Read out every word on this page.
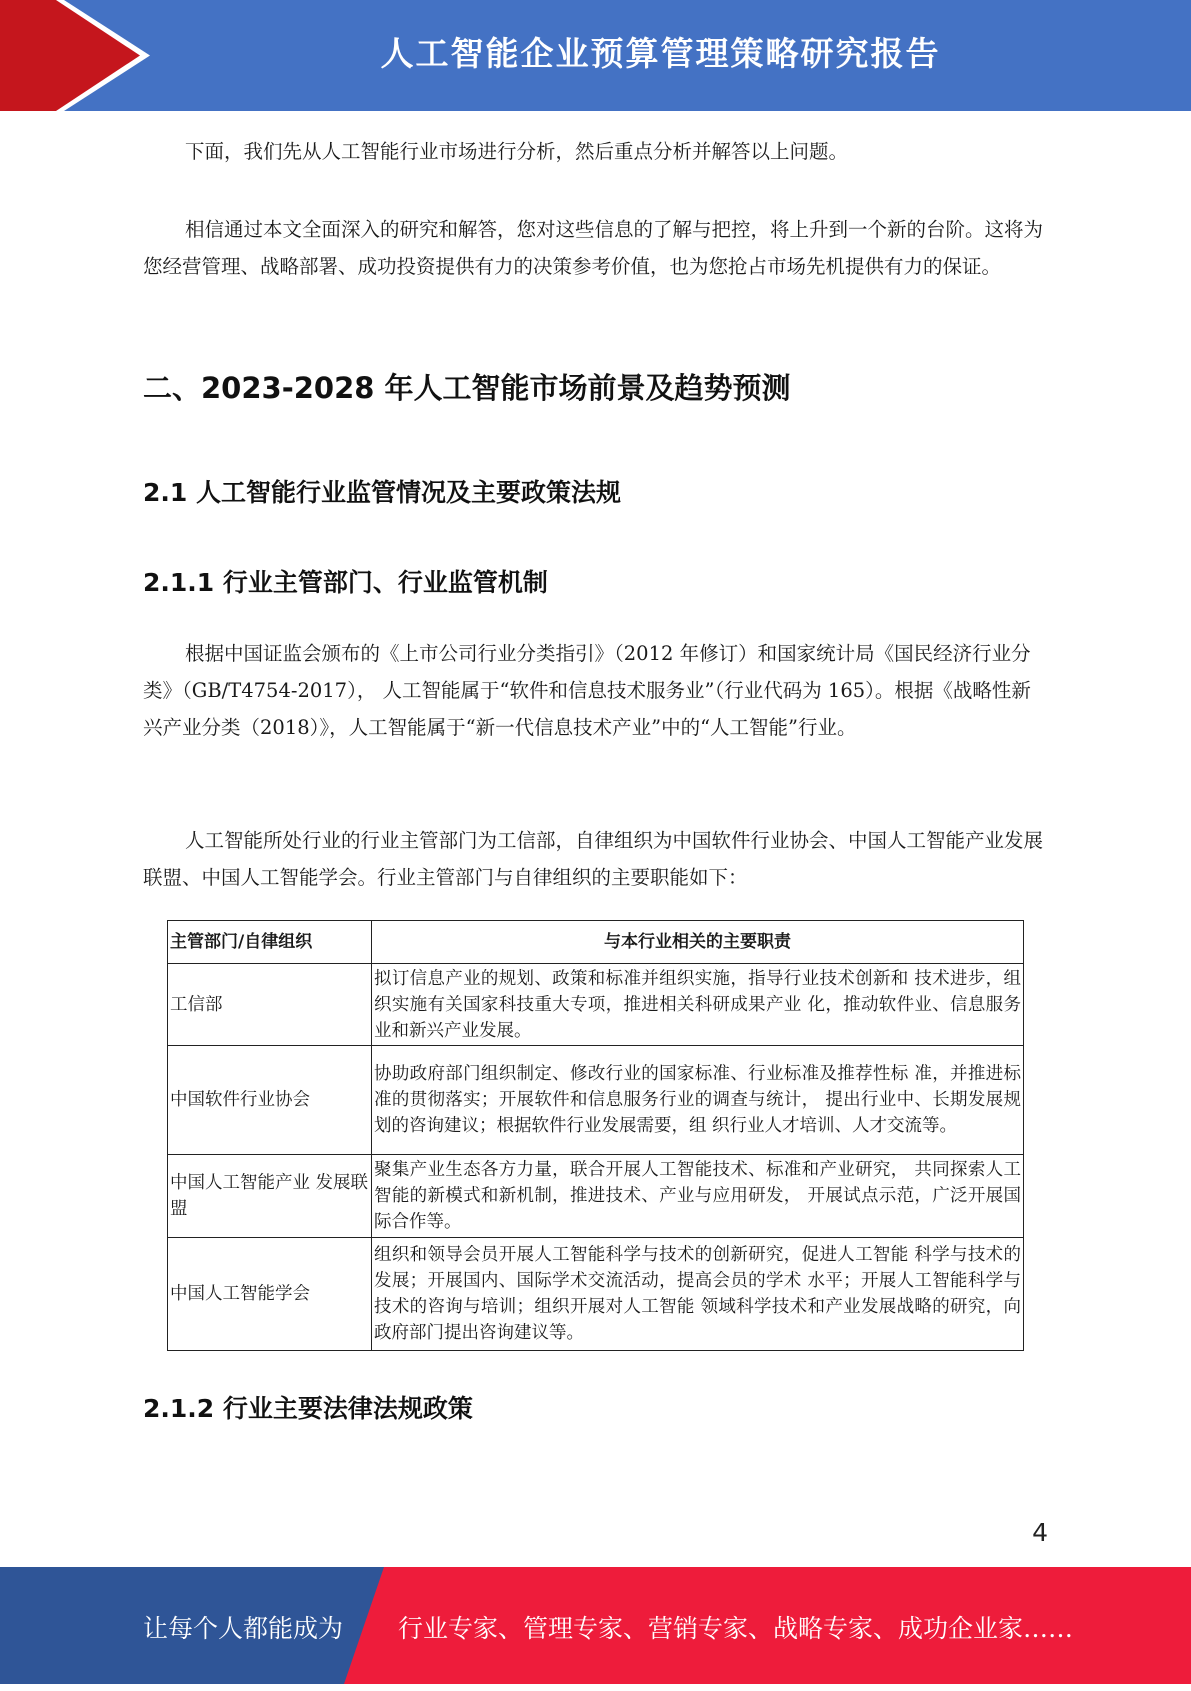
人工智能企业预算管理策略研究报告

下面，我们先从人工智能行业市场进行分析，然后重点分析并解答以上问题。

相信通过本文全面深入的研究和解答，您对这些信息的了解与把控，将上升到一个新的台阶。这将为您经营管理、战略部署、成功投资提供有力的决策参考价值，也为您抢占市场先机提供有力的保证。

二、2023-2028 年人工智能市场前景及趋势预测
2.1 人工智能行业监管情况及主要政策法规
2.1.1 行业主管部门、行业监管机制

根据中国证监会颁布的《上市公司行业分类指引》（2012 年修订）和国家统计局《国民经济行业分类》（GB/T4754-2017）， 人工智能属于“软件和信息技术服务业”（行业代码为 165）。根据《战略性新兴产业分类（2018）》，人工智能属于“新一代信息技术产业”中的“人工智能”行业。

人工智能所处行业的行业主管部门为工信部，自律组织为中国软件行业协会、中国人工智能产业发展联盟、中国人工智能学会。行业主管部门与自律组织的主要职能如下：

主管部门/自律组织	与本行业相关的主要职责
工信部	拟订信息产业的规划、政策和标准并组织实施，指导行业技术创新和 技术进步，组织实施有关国家科技重大专项，推进相关科研成果产业 化，推动软件业、信息服务业和新兴产业发展。
中国软件行业协会	协助政府部门组织制定、修改行业的国家标准、行业标准及推荐性标 准，并推进标准的贯彻落实；开展软件和信息服务行业的调查与统计， 提出行业中、长期发展规划的咨询建议；根据软件行业发展需要，组 织行业人才培训、人才交流等。
中国人工智能产业 发展联盟	聚集产业生态各方力量，联合开展人工智能技术、标准和产业研究， 共同探索人工智能的新模式和新机制，推进技术、产业与应用研发， 开展试点示范，广泛开展国际合作等。
中国人工智能学会	组织和领导会员开展人工智能科学与技术的创新研究，促进人工智能 科学与技术的发展；开展国内、国际学术交流活动，提高会员的学术 水平；开展人工智能科学与技术的咨询与培训；组织开展对人工智能 领域科学技术和产业发展战略的研究，向政府部门提出咨询建议等。
2.1.2 行业主要法律法规政策
4
让每个人都能成为 行业专家、管理专家、营销专家、战略专家、成功企业家……
